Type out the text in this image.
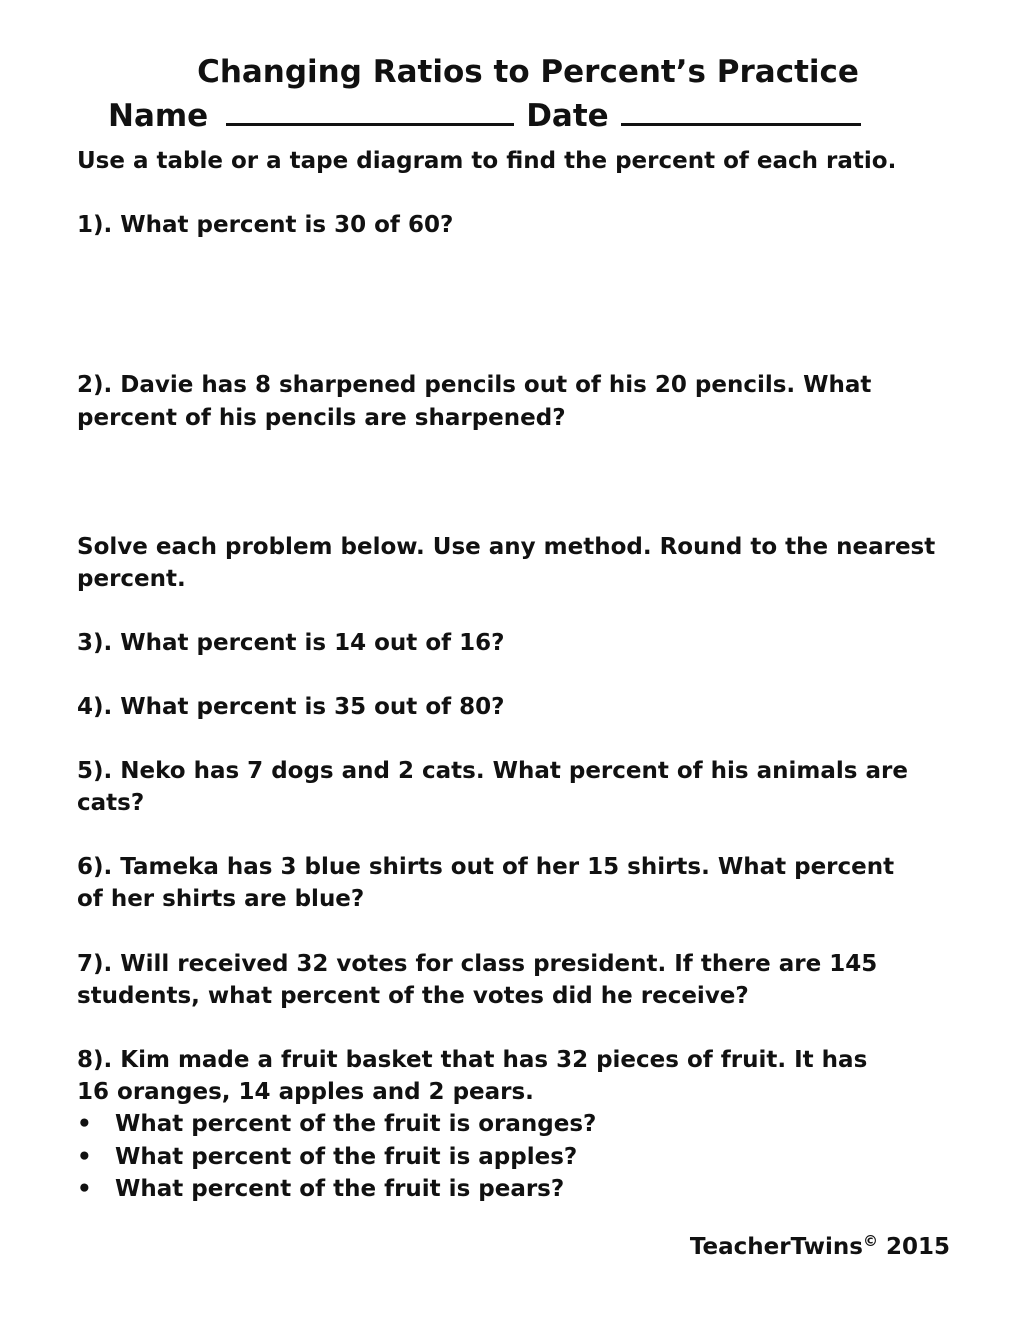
Changing Ratios to Percent’s Practice
Name	Date
Use a table or a tape diagram to find the percent of each ratio.
1). What percent is 30 of 60?
2). Davie has 8 sharpened pencils out of his 20 pencils. What
percent of his pencils are sharpened?
Solve each problem below. Use any method. Round to the nearest
percent.
3). What percent is 14 out of 16?
4). What percent is 35 out of 80?
5). Neko has 7 dogs and 2 cats. What percent of his animals are
cats?
6). Tameka has 3 blue shirts out of her 15 shirts. What percent
of her shirts are blue?
7). Will received 32 votes for class president. If there are 145
students, what percent of the votes did he receive?
8). Kim made a fruit basket that has 32 pieces of fruit. It has
16 oranges, 14 apples and 2 pears.
• What percent of the fruit is oranges?
• What percent of the fruit is apples?
• What percent of the fruit is pears?
TeacherTwins© 2015
